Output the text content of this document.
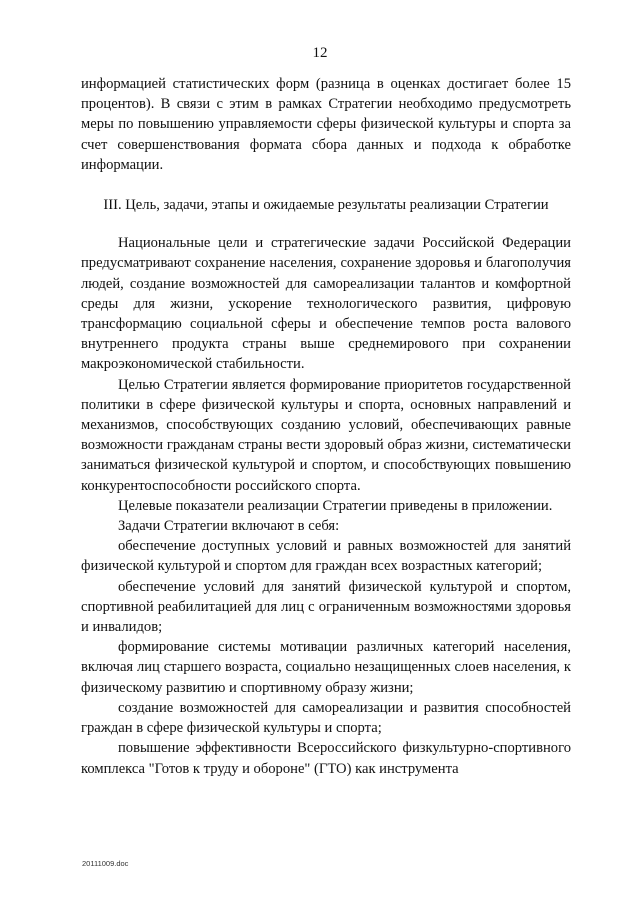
12

информацией статистических форм (разница в оценках достигает более 15 процентов). В связи с этим в рамках Стратегии необходимо предусмотреть меры по повышению управляемости сферы физической культуры и спорта за счет совершенствования формата сбора данных и подхода к обработке информации.

III. Цель, задачи, этапы и ожидаемые результаты реализации Стратегии

Национальные цели и стратегические задачи Российской Федерации предусматривают сохранение населения, сохранение здоровья и благополучия людей, создание возможностей для самореализации талантов и комфортной среды для жизни, ускорение технологического развития, цифровую трансформацию социальной сферы и обеспечение темпов роста валового внутреннего продукта страны выше среднемирового при сохранении макроэкономической стабильности.

Целью Стратегии является формирование приоритетов государственной политики в сфере физической культуры и спорта, основных направлений и механизмов, способствующих созданию условий, обеспечивающих равные возможности гражданам страны вести здоровый образ жизни, систематически заниматься физической культурой и спортом, и способствующих повышению конкурентоспособности российского спорта.

Целевые показатели реализации Стратегии приведены в приложении.

Задачи Стратегии включают в себя:

обеспечение доступных условий и равных возможностей для занятий физической культурой и спортом для граждан всех возрастных категорий;

обеспечение условий для занятий физической культурой и спортом, спортивной реабилитацией для лиц с ограниченным возможностями здоровья и инвалидов;

формирование системы мотивации различных категорий населения, включая лиц старшего возраста, социально незащищенных слоев населения, к физическому развитию и спортивному образу жизни;

создание возможностей для самореализации и развития способностей граждан в сфере физической культуры и спорта;

повышение эффективности Всероссийского физкультурно-спортивного комплекса "Готов к труду и обороне" (ГТО) как инструмента

20111009.doc
